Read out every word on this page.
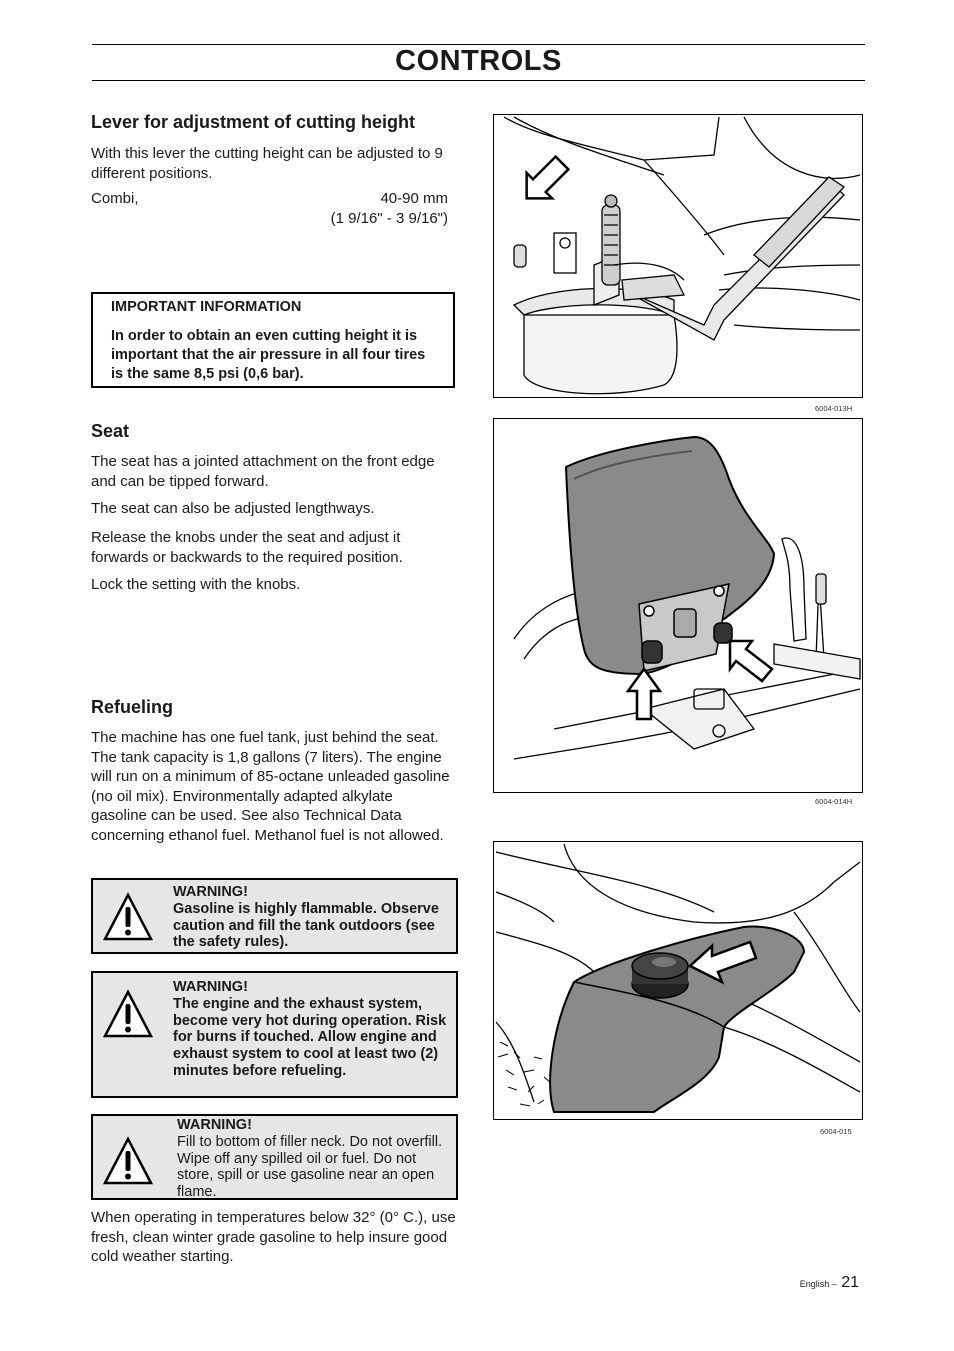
CONTROLS
Lever for adjustment of cutting height

With this lever the cutting height can be adjusted to 9 different positions.

Combi,	40-90 mm
(1 9/16" - 3 9/16")

IMPORTANT INFORMATION

In order to obtain an even cutting height it is important that the air pressure in all four tires is the same 8,5 psi (0,6 bar).

Seat

The seat has a jointed attachment on the front edge and can be tipped forward.

The seat can also be adjusted lengthways.

Release the knobs under the seat and adjust it forwards or backwards to the required position.

Lock the setting with the knobs.

Refueling

The machine has one fuel tank, just behind the seat. The tank capacity is 1,8 gallons (7 liters). The engine will run on a minimum of 85-octane unleaded gasoline (no oil mix). Environmentally adapted alkylate gasoline can be used. See also Technical Data concerning ethanol fuel. Methanol fuel is not allowed.

WARNING!
Gasoline is highly flammable. Observe caution and fill the tank outdoors (see the safety rules).
WARNING!
The engine and the exhaust system, become very hot during operation. Risk for burns if touched. Allow engine and exhaust system to cool at least two (2) minutes before refueling.
WARNING!
Fill to bottom of filler neck. Do not overfill. Wipe off any spilled oil or fuel. Do not store, spill or use gasoline near an open flame.

When operating in temperatures below 32° (0° C.), use fresh, clean winter grade gasoline to help insure good cold weather starting.

6004-013H
6004-014H
6004-015
English – 21
